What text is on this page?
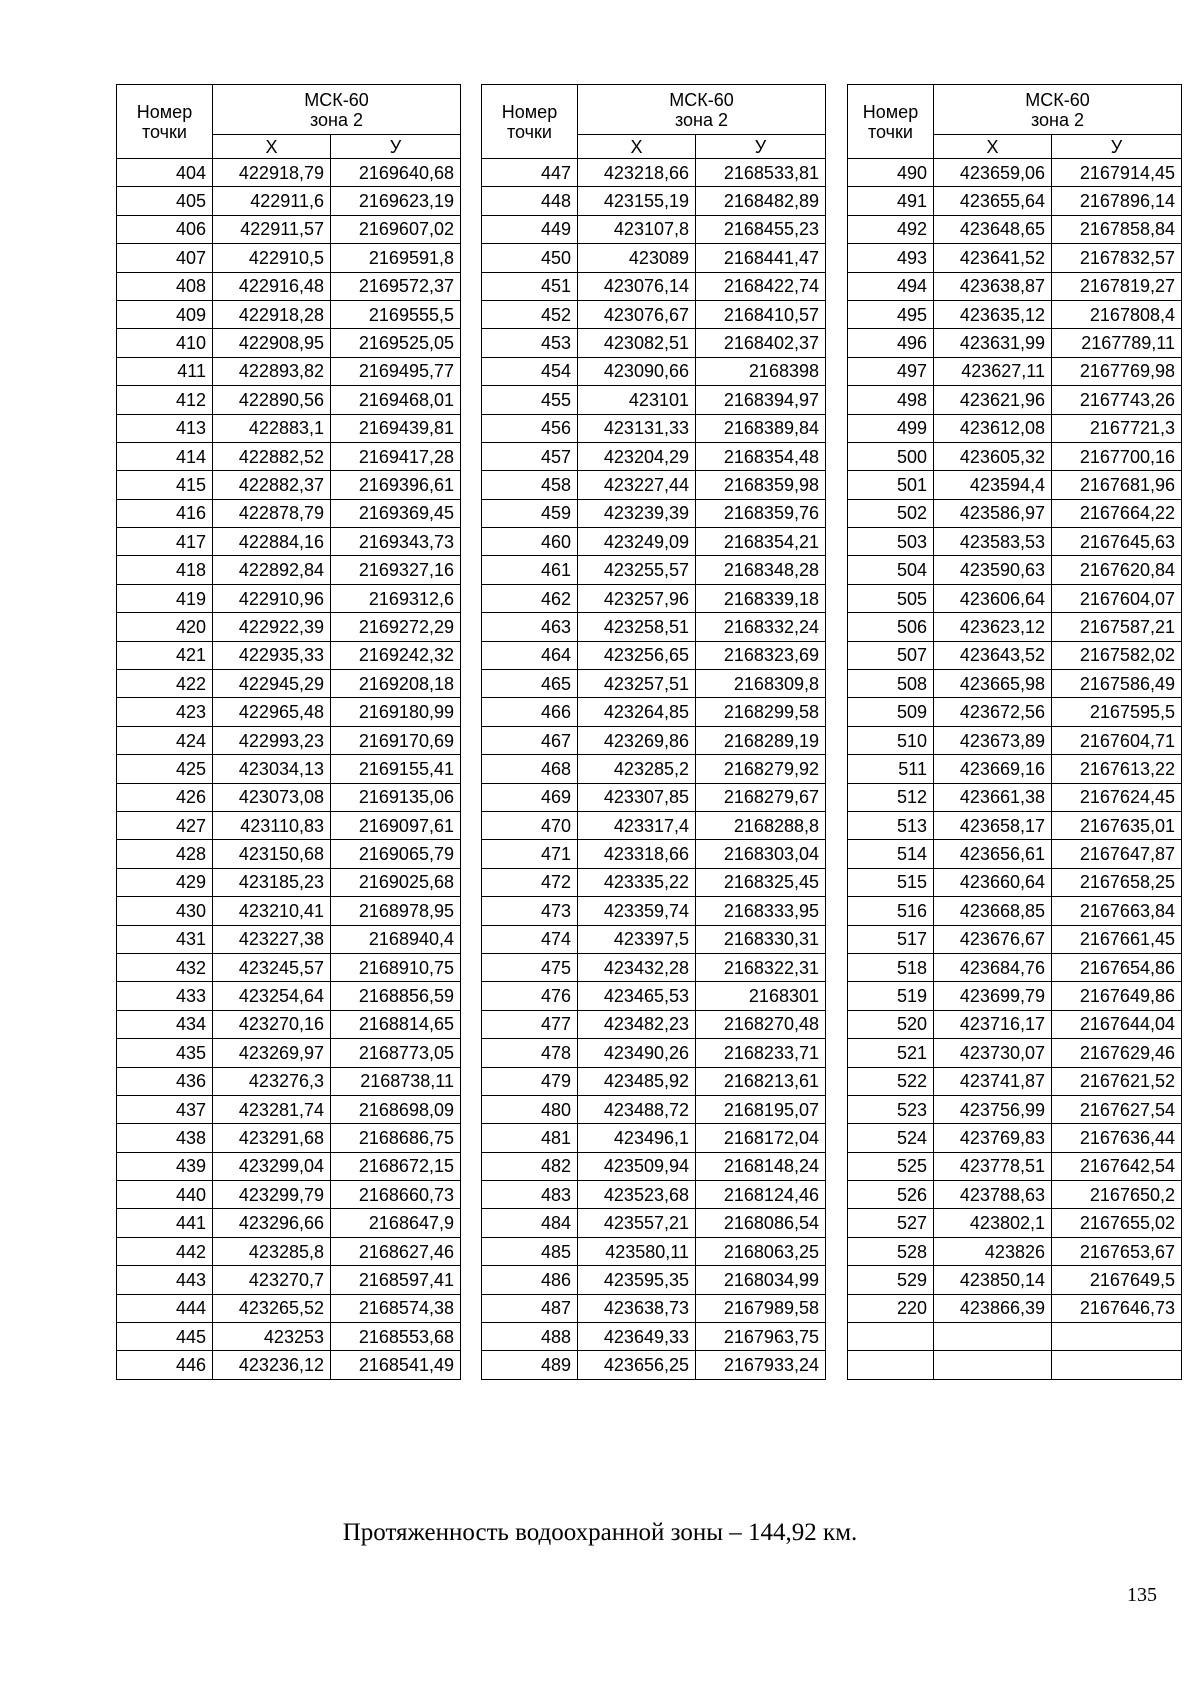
Номер
точки	МСК-60
зона 2	
	X	У
404	422918,79	2169640,68
405	422911,6	2169623,19
406	422911,57	2169607,02
407	422910,5	2169591,8
408	422916,48	2169572,37
409	422918,28	2169555,5
410	422908,95	2169525,05
411	422893,82	2169495,77
412	422890,56	2169468,01
413	422883,1	2169439,81
414	422882,52	2169417,28
415	422882,37	2169396,61
416	422878,79	2169369,45
417	422884,16	2169343,73
418	422892,84	2169327,16
419	422910,96	2169312,6
420	422922,39	2169272,29
421	422935,33	2169242,32
422	422945,29	2169208,18
423	422965,48	2169180,99
424	422993,23	2169170,69
425	423034,13	2169155,41
426	423073,08	2169135,06
427	423110,83	2169097,61
428	423150,68	2169065,79
429	423185,23	2169025,68
430	423210,41	2168978,95
431	423227,38	2168940,4
432	423245,57	2168910,75
433	423254,64	2168856,59
434	423270,16	2168814,65
435	423269,97	2168773,05
436	423276,3	2168738,11
437	423281,74	2168698,09
438	423291,68	2168686,75
439	423299,04	2168672,15
440	423299,79	2168660,73
441	423296,66	2168647,9
442	423285,8	2168627,46
443	423270,7	2168597,41
444	423265,52	2168574,38
445	423253	2168553,68
446	423236,12	2168541,49
Номер
точки	МСК-60
зона 2	
	X	У
447	423218,66	2168533,81
448	423155,19	2168482,89
449	423107,8	2168455,23
450	423089	2168441,47
451	423076,14	2168422,74
452	423076,67	2168410,57
453	423082,51	2168402,37
454	423090,66	2168398
455	423101	2168394,97
456	423131,33	2168389,84
457	423204,29	2168354,48
458	423227,44	2168359,98
459	423239,39	2168359,76
460	423249,09	2168354,21
461	423255,57	2168348,28
462	423257,96	2168339,18
463	423258,51	2168332,24
464	423256,65	2168323,69
465	423257,51	2168309,8
466	423264,85	2168299,58
467	423269,86	2168289,19
468	423285,2	2168279,92
469	423307,85	2168279,67
470	423317,4	2168288,8
471	423318,66	2168303,04
472	423335,22	2168325,45
473	423359,74	2168333,95
474	423397,5	2168330,31
475	423432,28	2168322,31
476	423465,53	2168301
477	423482,23	2168270,48
478	423490,26	2168233,71
479	423485,92	2168213,61
480	423488,72	2168195,07
481	423496,1	2168172,04
482	423509,94	2168148,24
483	423523,68	2168124,46
484	423557,21	2168086,54
485	423580,11	2168063,25
486	423595,35	2168034,99
487	423638,73	2167989,58
488	423649,33	2167963,75
489	423656,25	2167933,24
Номер
точки	МСК-60
зона 2	
	X	У
490	423659,06	2167914,45
491	423655,64	2167896,14
492	423648,65	2167858,84
493	423641,52	2167832,57
494	423638,87	2167819,27
495	423635,12	2167808,4
496	423631,99	2167789,11
497	423627,11	2167769,98
498	423621,96	2167743,26
499	423612,08	2167721,3
500	423605,32	2167700,16
501	423594,4	2167681,96
502	423586,97	2167664,22
503	423583,53	2167645,63
504	423590,63	2167620,84
505	423606,64	2167604,07
506	423623,12	2167587,21
507	423643,52	2167582,02
508	423665,98	2167586,49
509	423672,56	2167595,5
510	423673,89	2167604,71
511	423669,16	2167613,22
512	423661,38	2167624,45
513	423658,17	2167635,01
514	423656,61	2167647,87
515	423660,64	2167658,25
516	423668,85	2167663,84
517	423676,67	2167661,45
518	423684,76	2167654,86
519	423699,79	2167649,86
520	423716,17	2167644,04
521	423730,07	2167629,46
522	423741,87	2167621,52
523	423756,99	2167627,54
524	423769,83	2167636,44
525	423778,51	2167642,54
526	423788,63	2167650,2
527	423802,1	2167655,02
528	423826	2167653,67
529	423850,14	2167649,5
220	423866,39	2167646,73

Протяженность водоохранной зоны – 144,92 км.
135
